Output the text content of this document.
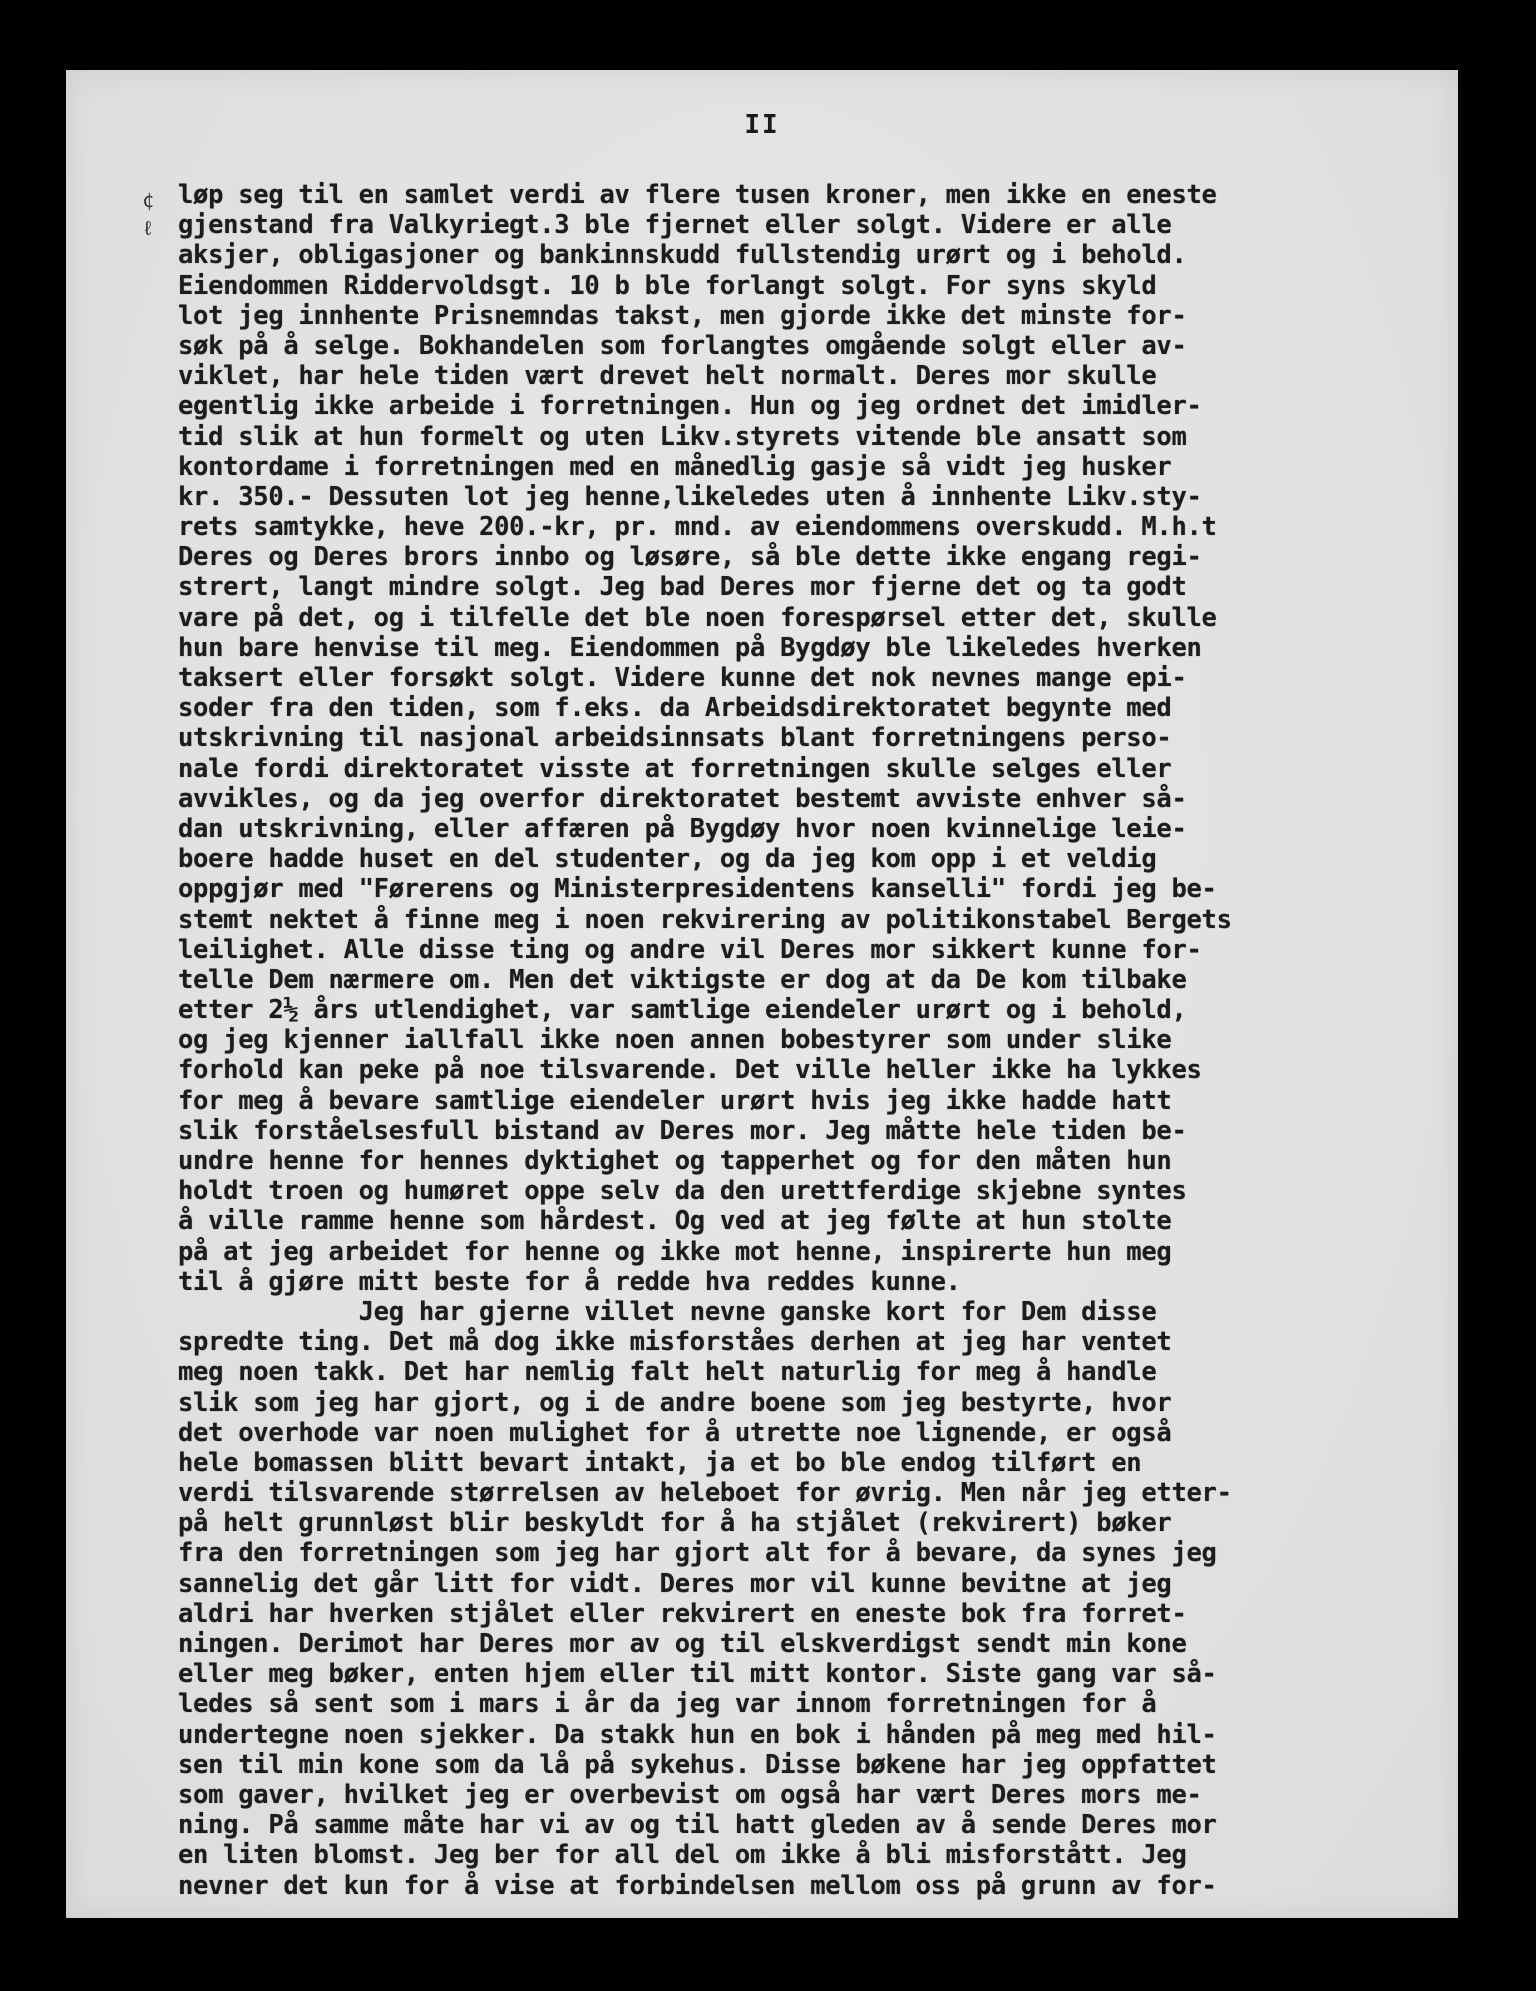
II
¢
ℓ
løp seg til en samlet verdi av flere tusen kroner, men ikke en eneste
gjenstand fra Valkyriegt.3 ble fjernet eller solgt. Videre er alle
aksjer, obligasjoner og bankinnskudd fullstendig urørt og i behold.
Eiendommen Riddervoldsgt. 10 b ble forlangt solgt. For syns skyld
lot jeg innhente Prisnemndas takst, men gjorde ikke det minste for-
søk på å selge. Bokhandelen som forlangtes omgående solgt eller av-
viklet, har hele tiden vært drevet helt normalt. Deres mor skulle
egentlig ikke arbeide i forretningen. Hun og jeg ordnet det imidler-
tid slik at hun formelt og uten Likv.styrets vitende ble ansatt som
kontordame i forretningen med en månedlig gasje så vidt jeg husker
kr. 350.- Dessuten lot jeg henne,likeledes uten å innhente Likv.sty-
rets samtykke, heve 200.-kr, pr. mnd. av eiendommens overskudd. M.h.t
Deres og Deres brors innbo og løsøre, så ble dette ikke engang regi-
strert, langt mindre solgt. Jeg bad Deres mor fjerne det og ta godt
vare på det, og i tilfelle det ble noen forespørsel etter det, skulle
hun bare henvise til meg. Eiendommen på Bygdøy ble likeledes hverken
taksert eller forsøkt solgt. Videre kunne det nok nevnes mange epi-
soder fra den tiden, som f.eks. da Arbeidsdirektoratet begynte med
utskrivning til nasjonal arbeidsinnsats blant forretningens perso-
nale fordi direktoratet visste at forretningen skulle selges eller
avvikles, og da jeg overfor direktoratet bestemt avviste enhver så-
dan utskrivning, eller affæren på Bygdøy hvor noen kvinnelige leie-
boere hadde huset en del studenter, og da jeg kom opp i et veldig
oppgjør med "Førerens og Ministerpresidentens kanselli" fordi jeg be-
stemt nektet å finne meg i noen rekvirering av politikonstabel Bergets
leilighet. Alle disse ting og andre vil Deres mor sikkert kunne for-
telle Dem nærmere om. Men det viktigste er dog at da De kom tilbake
etter 2½ års utlendighet, var samtlige eiendeler urørt og i behold,
og jeg kjenner iallfall ikke noen annen bobestyrer som under slike
forhold kan peke på noe tilsvarende. Det ville heller ikke ha lykkes
for meg å bevare samtlige eiendeler urørt hvis jeg ikke hadde hatt
slik forståelsesfull bistand av Deres mor. Jeg måtte hele tiden be-
undre henne for hennes dyktighet og tapperhet og for den måten hun
holdt troen og humøret oppe selv da den urettferdige skjebne syntes
å ville ramme henne som hårdest. Og ved at jeg følte at hun stolte
på at jeg arbeidet for henne og ikke mot henne, inspirerte hun meg
til å gjøre mitt beste for å redde hva reddes kunne.
Jeg har gjerne villet nevne ganske kort for Dem disse
spredte ting. Det må dog ikke misforståes derhen at jeg har ventet
meg noen takk. Det har nemlig falt helt naturlig for meg å handle
slik som jeg har gjort, og i de andre boene som jeg bestyrte, hvor
det overhode var noen mulighet for å utrette noe lignende, er også
hele bomassen blitt bevart intakt, ja et bo ble endog tilført en
verdi tilsvarende størrelsen av heleboet for øvrig. Men når jeg etter-
på helt grunnløst blir beskyldt for å ha stjålet (rekvirert) bøker
fra den forretningen som jeg har gjort alt for å bevare, da synes jeg
sannelig det går litt for vidt. Deres mor vil kunne bevitne at jeg
aldri har hverken stjålet eller rekvirert en eneste bok fra forret-
ningen. Derimot har Deres mor av og til elskverdigst sendt min kone
eller meg bøker, enten hjem eller til mitt kontor. Siste gang var så-
ledes så sent som i mars i år da jeg var innom forretningen for å
undertegne noen sjekker. Da stakk hun en bok i hånden på meg med hil-
sen til min kone som da lå på sykehus. Disse bøkene har jeg oppfattet
som gaver, hvilket jeg er overbevist om også har vært Deres mors me-
ning. På samme måte har vi av og til hatt gleden av å sende Deres mor
en liten blomst. Jeg ber for all del om ikke å bli misforstått. Jeg
nevner det kun for å vise at forbindelsen mellom oss på grunn av for-
